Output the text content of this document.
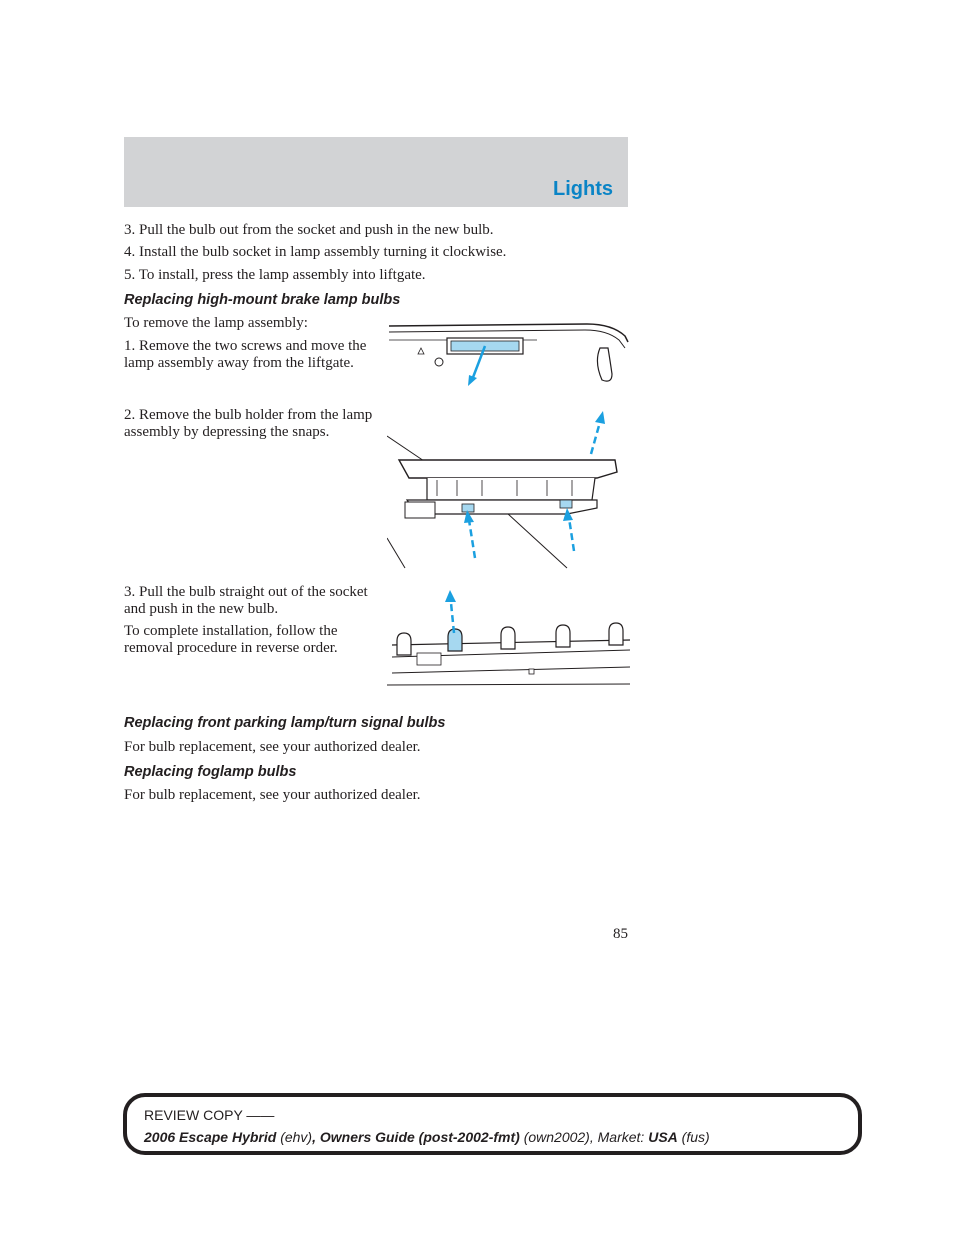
Lights

3. Pull the bulb out from the socket and push in the new bulb.

4. Install the bulb socket in lamp assembly turning it clockwise.

5. To install, press the lamp assembly into liftgate.

Replacing high-mount brake lamp bulbs

To remove the lamp assembly:

1. Remove the two screws and move the lamp assembly away from the liftgate.

2. Remove the bulb holder from the lamp assembly by depressing the snaps.

3. Pull the bulb straight out of the socket and push in the new bulb.

To complete installation, follow the removal procedure in reverse order.

Replacing front parking lamp/turn signal bulbs

For bulb replacement, see your authorized dealer.

Replacing foglamp bulbs

For bulb replacement, see your authorized dealer.

85
REVIEW COPY ——
2006 Escape Hybrid (ehv), Owners Guide (post-2002-fmt) (own2002), Market: USA (fus)
